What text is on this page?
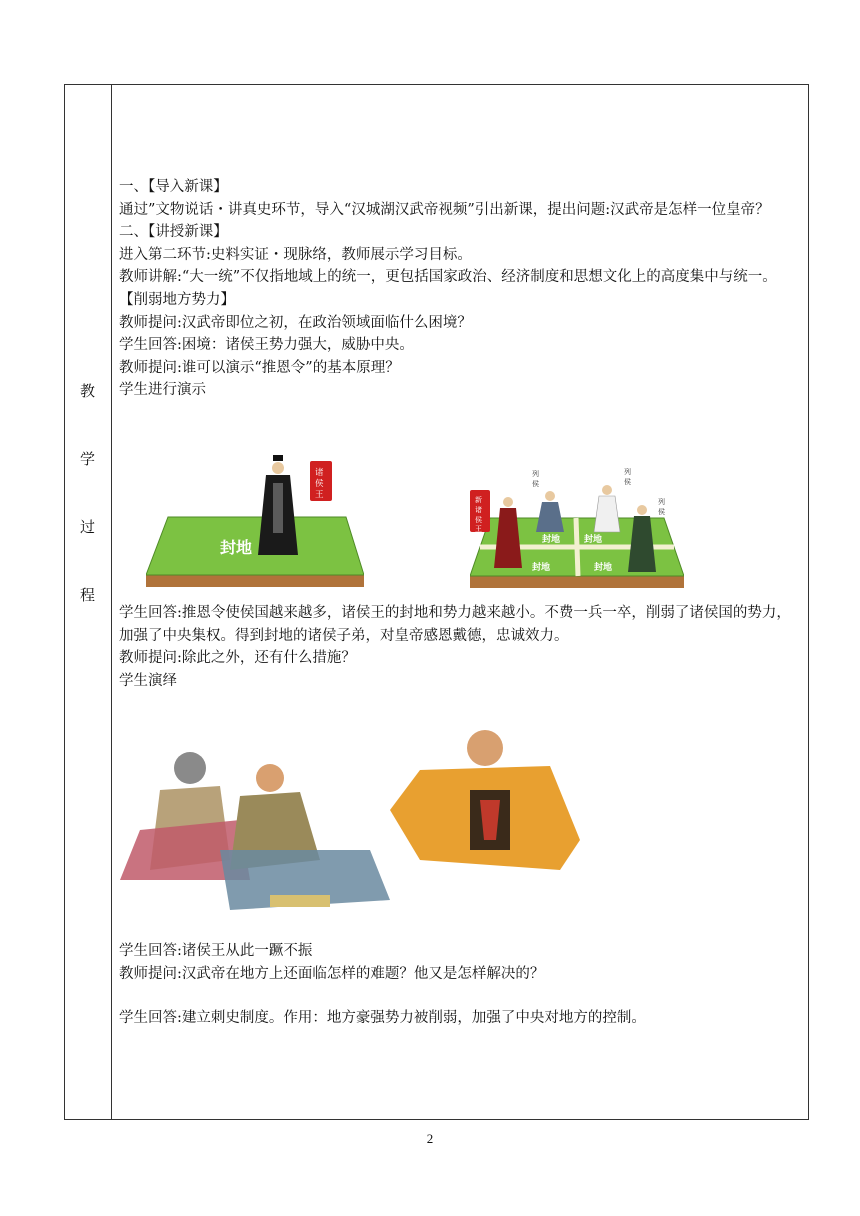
教
学
过
程

一、【导入新课】

通过”文物说话・讲真史环节，导入“汉城湖汉武帝视频”引出新课，提出问题:汉武帝是怎样一位皇帝？

二、【讲授新课】

进入第二环节:史料实证・现脉络，教师展示学习目标。

教师讲解:“大一统”不仅指地域上的统一，更包括国家政治、经济制度和思想文化上的高度集中与统一。

【削弱地方势力】

教师提问:汉武帝即位之初，在政治领域面临什么困境？

学生回答:困境：诸侯王势力强大，威胁中央。

教师提问:谁可以演示“推恩令”的基本原理？

学生进行演示

封地
诸
侯
王
封地	封地
封地	封地
新
诸
侯
王
列
侯
列
侯
列
侯

学生回答:推恩令使侯国越来越多，诸侯王的封地和势力越来越小。不费一兵一卒，削弱了诸侯国的势力，加强了中央集权。得到封地的诸侯子弟，对皇帝感恩戴德，忠诚效力。

教师提问:除此之外，还有什么措施？

学生演绎

学生回答:诸侯王从此一蹶不振

教师提问:汉武帝在地方上还面临怎样的难题？他又是怎样解决的？

学生回答:建立刺史制度。作用：地方豪强势力被削弱，加强了中央对地方的控制。

2
